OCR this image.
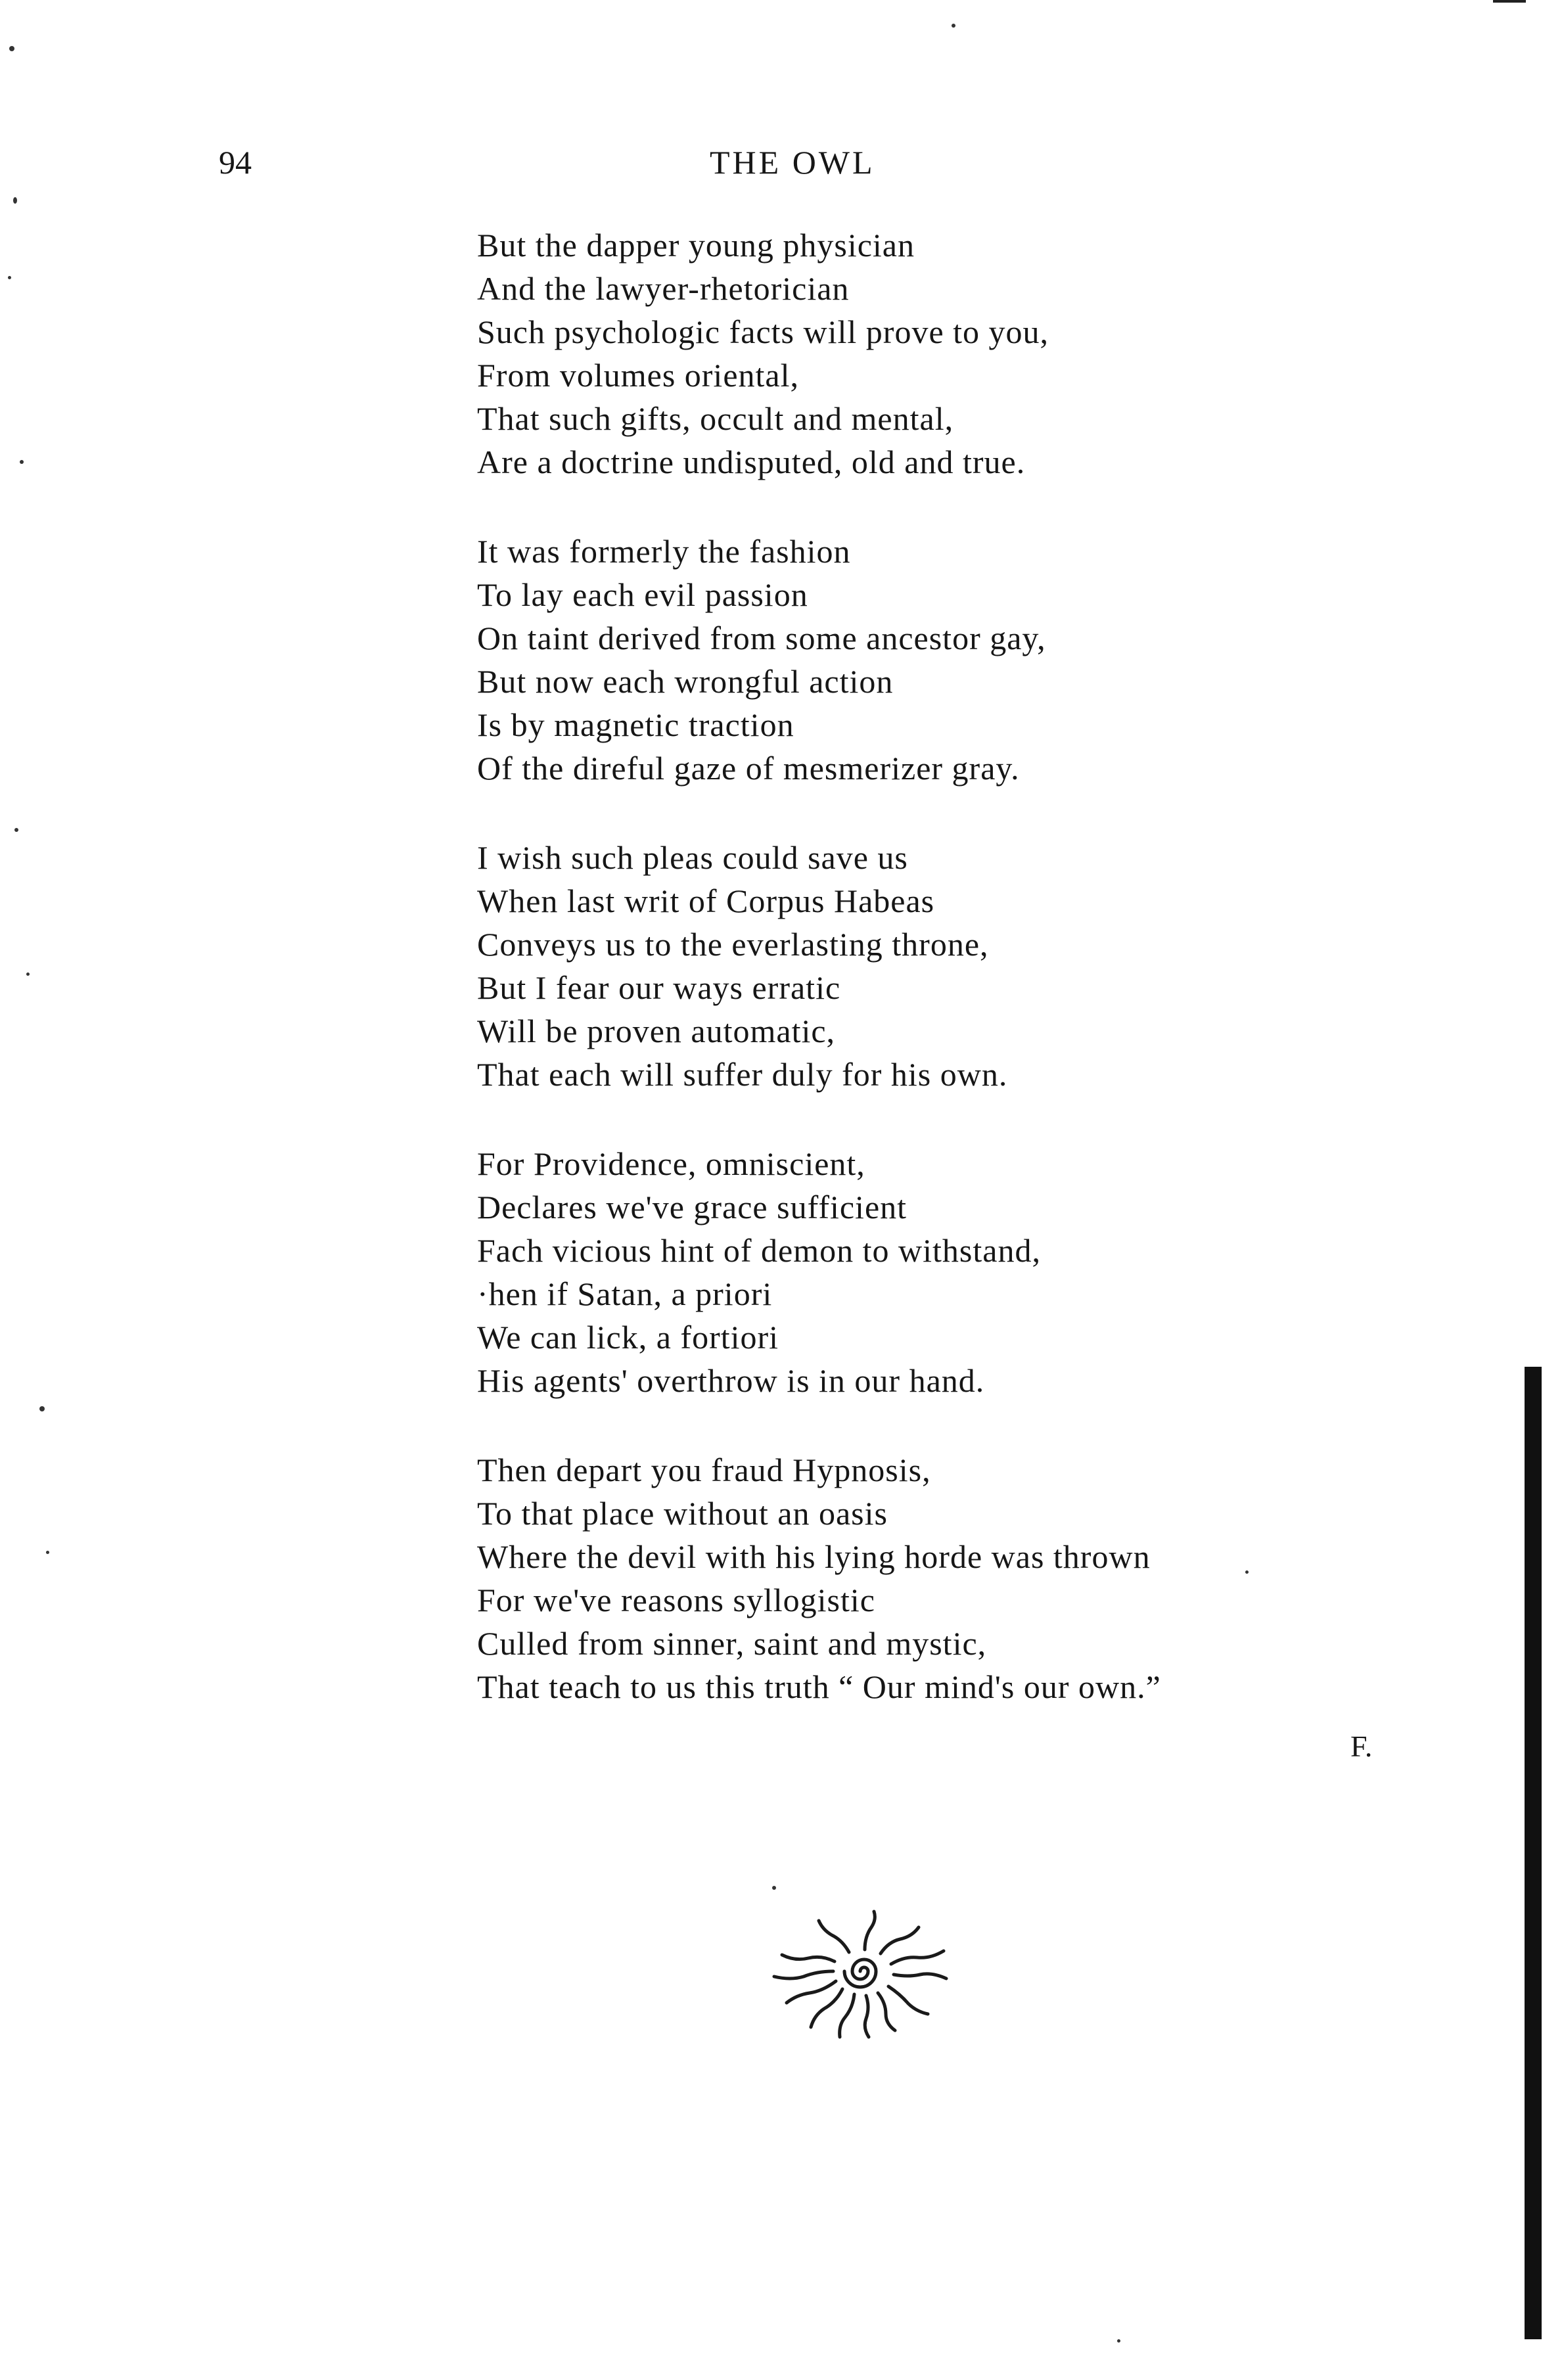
94	THE OWL
But the dapper young physician
And the lawyer-rhetorician
Such psychologic facts will prove to you,
From volumes oriental,
That such gifts, occult and mental,
Are a doctrine undisputed, old and true.
It was formerly the fashion
To lay each evil passion
On taint derived from some ancestor gay,
But now each wrongful action
Is by magnetic traction
Of the direful gaze of mesmerizer gray.
I wish such pleas could save us
When last writ of Corpus Habeas
Conveys us to the everlasting throne,
But I fear our ways erratic
Will be proven automatic,
That each will suffer duly for his own.
For Providence, omniscient,
Declares we've grace sufficient
Fach vicious hint of demon to withstand,
·hen if Satan, a priori
We can lick, a fortiori
His agents' overthrow is in our hand.
Then depart you fraud Hypnosis,
To that place without an oasis
Where the devil with his lying horde was thrown
For we've reasons syllogistic
Culled from sinner, saint and mystic,
That teach to us this truth “ Our mind's our own.”
F.
